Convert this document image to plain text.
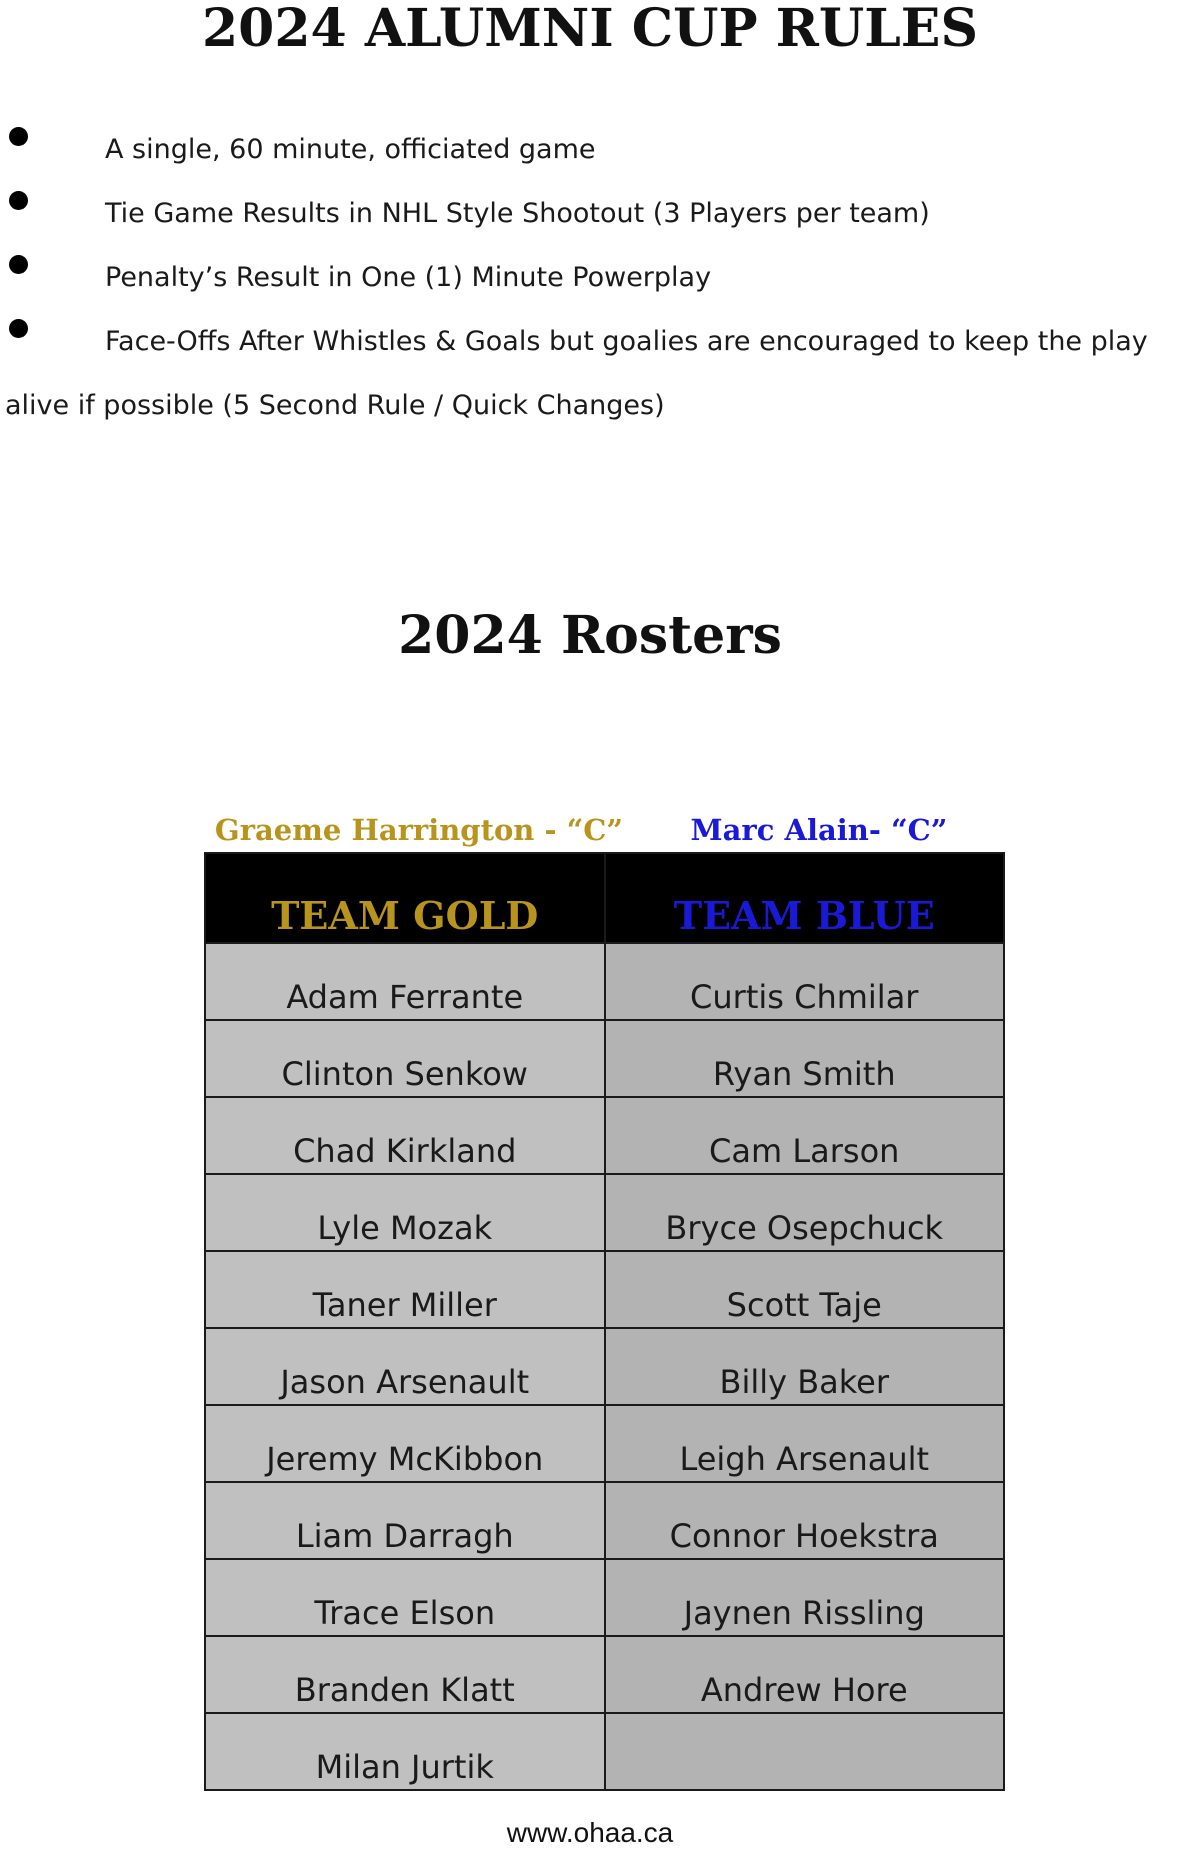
2024 ALUMNI CUP RULES
A single, 60 minute, officiated game
Tie Game Results in NHL Style Shootout (3 Players per team)
Penalty’s Result in One (1) Minute Powerplay
Face-Offs After Whistles & Goals but goalies are encouraged to keep the play
alive if possible (5 Second Rule / Quick Changes)
2024 Rosters
Graeme Harrington - “C”	Marc Alain- “C”
TEAM GOLD	TEAM BLUE
Adam Ferrante	Curtis Chmilar
Clinton Senkow	Ryan Smith
Chad Kirkland	Cam Larson
Lyle Mozak	Bryce Osepchuck
Taner Miller	Scott Taje
Jason Arsenault	Billy Baker
Jeremy McKibbon	Leigh Arsenault
Liam Darragh	Connor Hoekstra
Trace Elson	Jaynen Rissling
Branden Klatt	Andrew Hore
Milan Jurtik	
www.ohaa.ca
